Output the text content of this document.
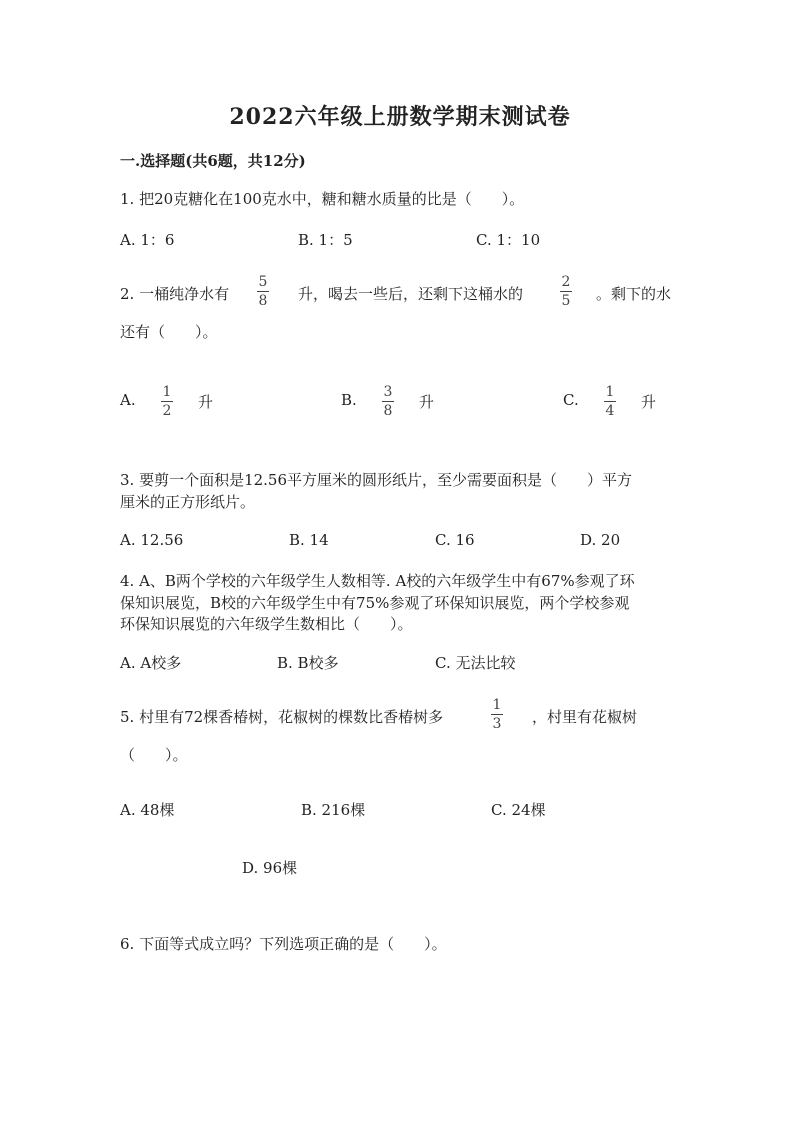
2022六年级上册数学期末测试卷
一.选择题(共6题，共12分)
1. 把20克糖化在100克水中，糖和糖水质量的比是（　　）。
A. 1：6	B. 1：5	C. 1：10
2. 一桶纯净水有
5
8 升，喝去一些后，还剩下这桶水的
2
5 。剩下的水
还有（　　）。
A. 1
2 升	B. 3
8 升	C. 1
4 升
3. 要剪一个面积是12.56平方厘米的圆形纸片，至少需要面积是（　　）平方
厘米的正方形纸片。
A. 12.56	B. 14	C. 16	D. 20
4. A、B两个学校的六年级学生人数相等. A校的六年级学生中有67%参观了环
保知识展览，B校的六年级学生中有75%参观了环保知识展览，两个学校参观
环保知识展览的六年级学生数相比（　　）。
A. A校多	B. B校多	C. 无法比较
5. 村里有72棵香椿树，花椒树的棵数比香椿树多
1
3 ，村里有花椒树
（　　）。
A. 48棵	B. 216棵	C. 24棵
D. 96棵
6. 下面等式成立吗？下列选项正确的是（　　）。
